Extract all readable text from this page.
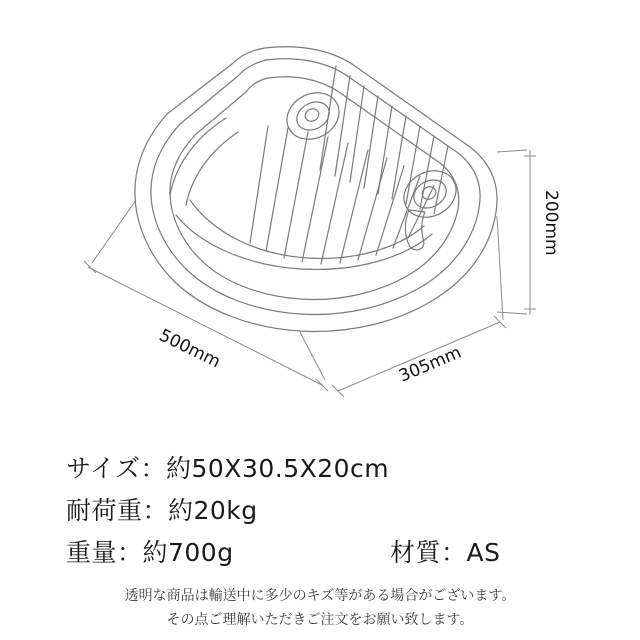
500mm	305mm
200mm
サイズ：約50X30.5X20cm
耐荷重：約20kg
重量：約700g	材質：AS
透明な商品は輸送中に多少のキズ等がある場合がございます。
その点ご理解いただきご注文をお願い致します。
